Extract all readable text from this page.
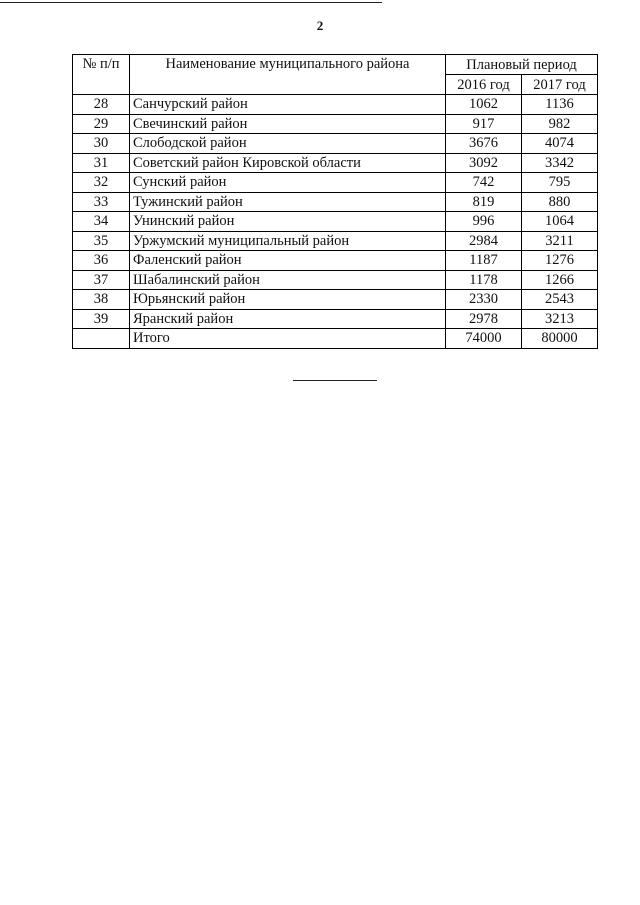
2
№ п/п	Наименование муниципального района	Плановый период	
		2016 год	2017 год
28	Санчурский район	1062	1136
29	Свечинский район	917	982
30	Слободской район	3676	4074
31	Советский район Кировской области	3092	3342
32	Сунский район	742	795
33	Тужинский район	819	880
34	Унинский район	996	1064
35	Уржумский муниципальный район	2984	3211
36	Фаленский район	1187	1276
37	Шабалинский район	1178	1266
38	Юрьянский район	2330	2543
39	Яранский район	2978	3213
	Итого	74000	80000
